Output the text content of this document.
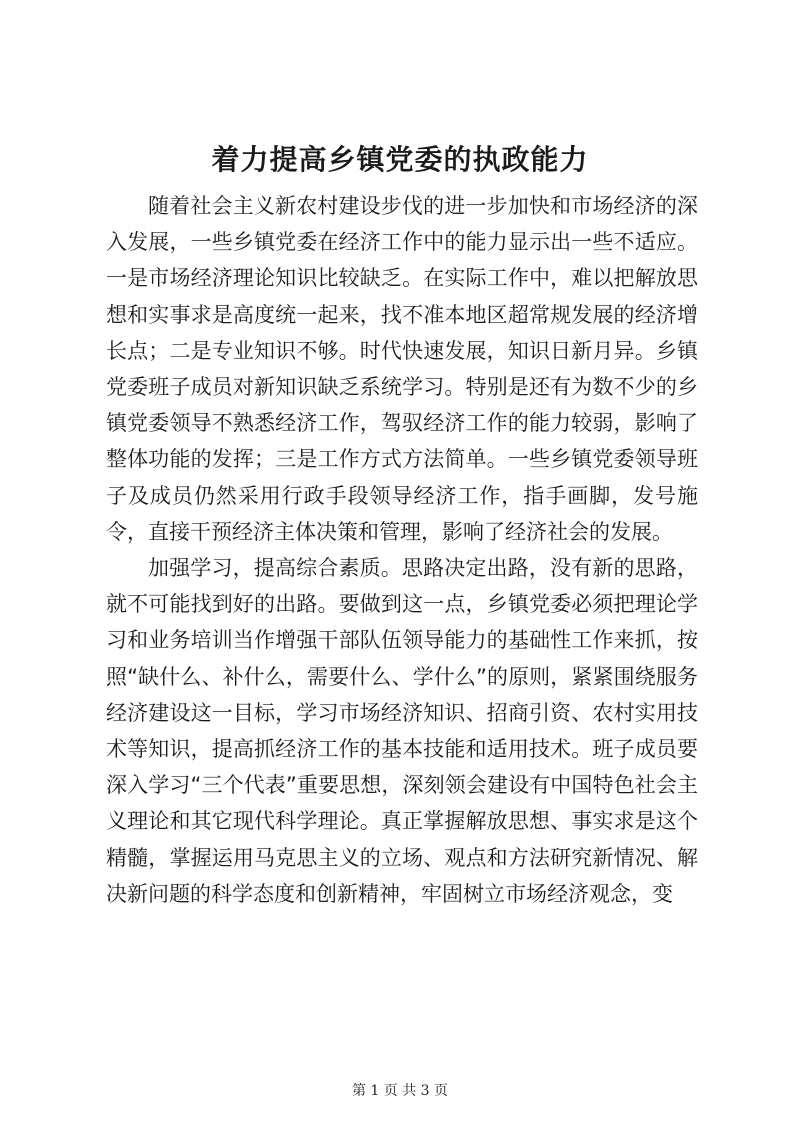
着力提高乡镇党委的执政能力

随着社会主义新农村建设步伐的进一步加快和市场经济的深入发展，一些乡镇党委在经济工作中的能力显示出一些不适应。一是市场经济理论知识比较缺乏。在实际工作中，难以把解放思想和实事求是高度统一起来，找不准本地区超常规发展的经济增长点；二是专业知识不够。时代快速发展，知识日新月异。乡镇党委班子成员对新知识缺乏系统学习。特别是还有为数不少的乡镇党委领导不熟悉经济工作，驾驭经济工作的能力较弱，影响了整体功能的发挥；三是工作方式方法简单。一些乡镇党委领导班子及成员仍然采用行政手段领导经济工作，指手画脚，发号施令，直接干预经济主体决策和管理，影响了经济社会的发展。

加强学习，提高综合素质。思路决定出路，没有新的思路，就不可能找到好的出路。要做到这一点，乡镇党委必须把理论学习和业务培训当作增强干部队伍领导能力的基础性工作来抓，按照“缺什么、补什么，需要什么、学什么”的原则，紧紧围绕服务经济建设这一目标，学习市场经济知识、招商引资、农村实用技术等知识，提高抓经济工作的基本技能和适用技术。班子成员要深入学习“三个代表”重要思想，深刻领会建设有中国特色社会主义理论和其它现代科学理论。真正掌握解放思想、事实求是这个精髓，掌握运用马克思主义的立场、观点和方法研究新情况、解决新问题的科学态度和创新精神，牢固树立市场经济观念，变

第 1 页 共 3 页
